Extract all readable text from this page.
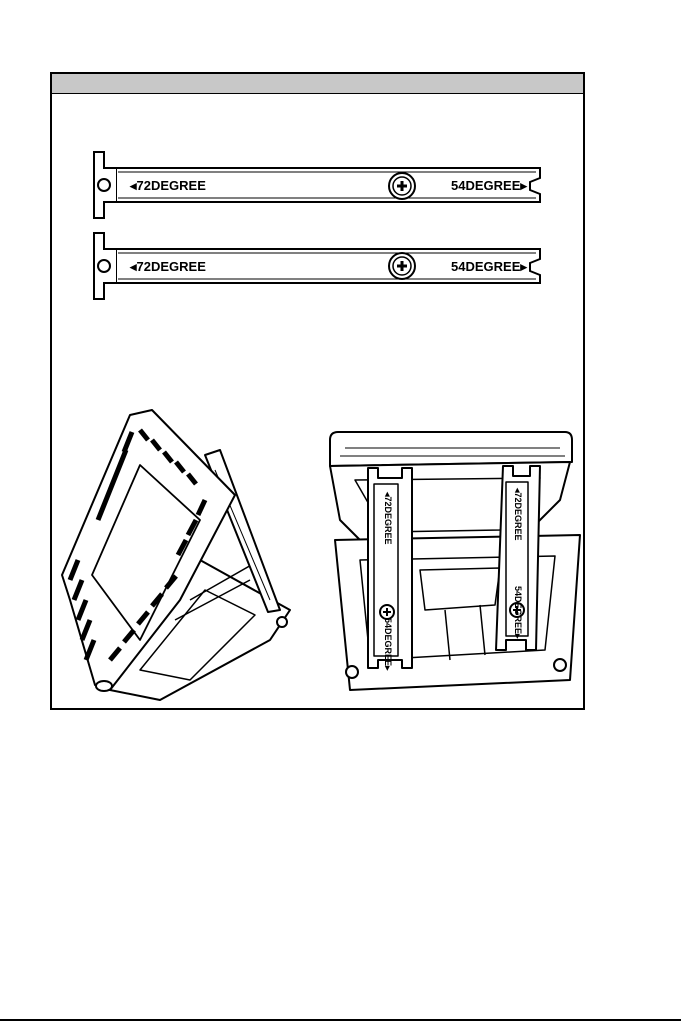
◂72DEGREE	54DEGREE▸
◂72DEGREE	54DEGREE▸
◂72DEGREE
54DEGREE▸
◂72DEGREE
54DEGREE▸
